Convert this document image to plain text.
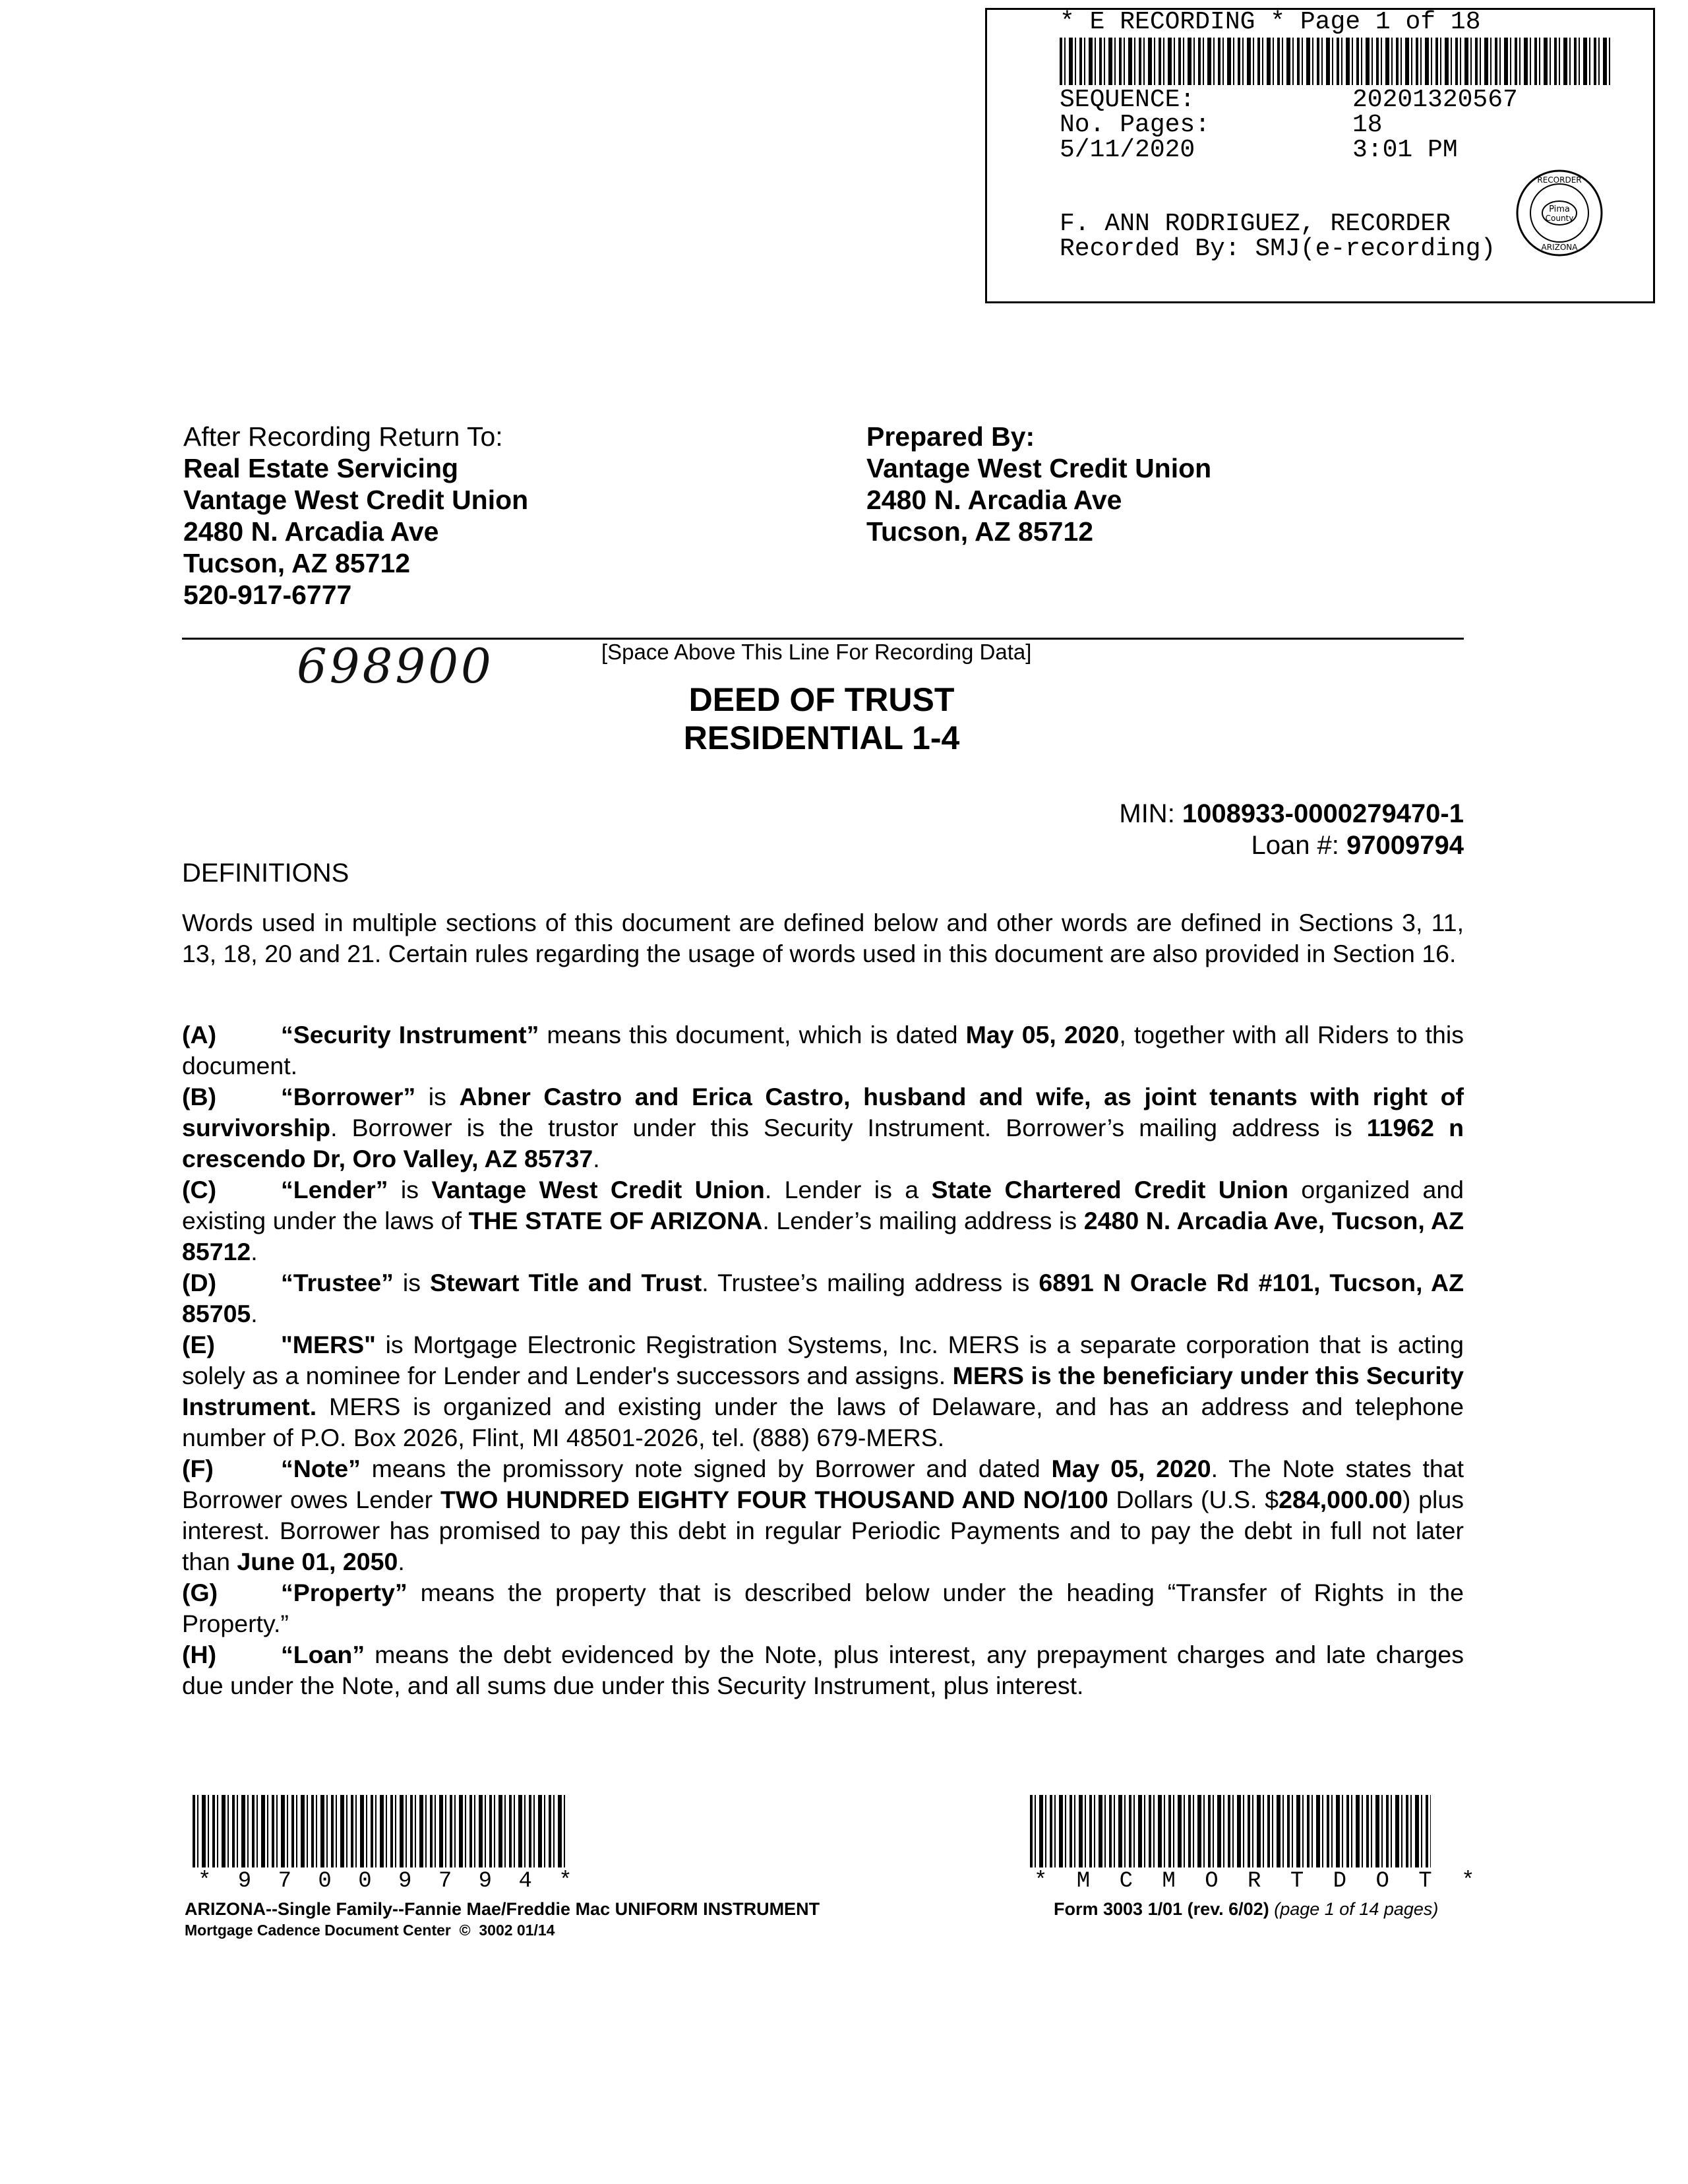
* E RECORDING * Page 1 of 18
SEQUENCE:	20201320567
No. Pages:	18
5/11/2020	3:01 PM
F. ANN RODRIGUEZ, RECORDER
Recorded By: SMJ(e-recording)
Pima
County
RECORDER
ARIZONA
After Recording Return To:
Real Estate Servicing
Vantage West Credit Union
2480 N. Arcadia Ave
Tucson, AZ 85712
520-917-6777
Prepared By:
Vantage West Credit Union
2480 N. Arcadia Ave
Tucson, AZ 85712
698900	[Space Above This Line For Recording Data]
DEED OF TRUST
RESIDENTIAL 1-4
MIN: 1008933-0000279470-1
Loan #: 97009794
DEFINITIONS
Words used in multiple sections of this document are defined below and other words are defined in Sections 3, 11, 13, 18, 20 and 21. Certain rules regarding the usage of words used in this document are also provided in Section 16.
(A)	“Security Instrument” means this document, which is dated May 05, 2020, together with all Riders to this document.
(B)	“Borrower” is Abner Castro and Erica Castro, husband and wife, as joint tenants with right of survivorship. Borrower is the trustor under this Security Instrument. Borrower’s mailing address is 11962 n crescendo Dr, Oro Valley, AZ 85737.
(C)	“Lender” is Vantage West Credit Union. Lender is a State Chartered Credit Union organized and existing under the laws of THE STATE OF ARIZONA. Lender’s mailing address is 2480 N. Arcadia Ave, Tucson, AZ 85712.
(D)	“Trustee” is Stewart Title and Trust. Trustee’s mailing address is 6891 N Oracle Rd #101, Tucson, AZ 85705.
(E)	"MERS" is Mortgage Electronic Registration Systems, Inc. MERS is a separate corporation that is acting solely as a nominee for Lender and Lender's successors and assigns. MERS is the beneficiary under this Security Instrument. MERS is organized and existing under the laws of Delaware, and has an address and telephone number of P.O. Box 2026, Flint, MI 48501-2026, tel. (888) 679-MERS.
(F)	“Note” means the promissory note signed by Borrower and dated May 05, 2020. The Note states that Borrower owes Lender TWO HUNDRED EIGHTY FOUR THOUSAND AND NO/100 Dollars (U.S. $284,000.00) plus interest. Borrower has promised to pay this debt in regular Periodic Payments and to pay the debt in full not later than June 01, 2050.
(G)	“Property” means the property that is described below under the heading “Transfer of Rights in the Property.”
(H)	“Loan” means the debt evidenced by the Note, plus interest, any prepayment charges and late charges due under the Note, and all sums due under this Security Instrument, plus interest.
* 9 7 0 0 9 7 9 4 *	* M C M O R T D O T *
ARIZONA--Single Family--Fannie Mae/Freddie Mac UNIFORM INSTRUMENT
Mortgage Cadence Document Center  ©  3002 01/14
Form 3003 1/01 (rev. 6/02) (page 1 of 14 pages)
